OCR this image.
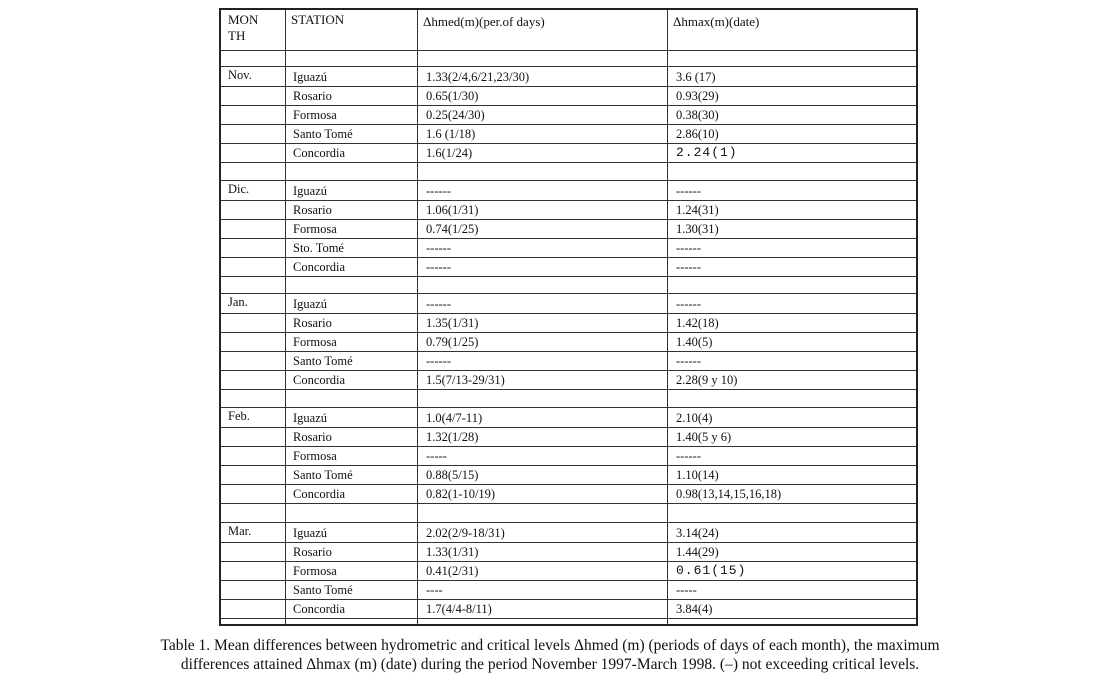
MON
TH
STATION	Δhmed(m)(per.of days)	Δhmax(m)(date)
Nov.	Iguazú	1.33(2/4,6/21,23/30)	3.6 (17)
Rosario	0.65(1/30)	0.93(29)
Formosa	0.25(24/30)	0.38(30)
Santo Tomé	1.6 (1/18)	2.86(10)
Concordia	1.6(1/24)	2.24(1)
Dic.	Iguazú	------	------
Rosario	1.06(1/31)	1.24(31)
Formosa	0.74(1/25)	1.30(31)
Sto. Tomé	------	------
Concordia	------	------
Jan.	Iguazú	------	------
Rosario	1.35(1/31)	1.42(18)
Formosa	0.79(1/25)	1.40(5)
Santo Tomé	------	------
Concordia	1.5(7/13-29/31)	2.28(9 y 10)
Feb.	Iguazú	1.0(4/7-11)	2.10(4)
Rosario	1.32(1/28)	1.40(5 y 6)
Formosa	-----	------
Santo Tomé	0.88(5/15)	1.10(14)
Concordia	0.82(1-10/19)	0.98(13,14,15,16,18)
Mar.	Iguazú	2.02(2/9-18/31)	3.14(24)
Rosario	1.33(1/31)	1.44(29)
Formosa	0.41(2/31)	0.61(15)
Santo Tomé	----	-----
Concordia	1.7(4/4-8/11)	3.84(4)
Table 1. Mean differences between hydrometric and critical levels Δhmed (m) (periods of days of each month), the maximum
differences attained Δhmax (m) (date) during the period November 1997-March 1998. (–) not exceeding critical levels.
